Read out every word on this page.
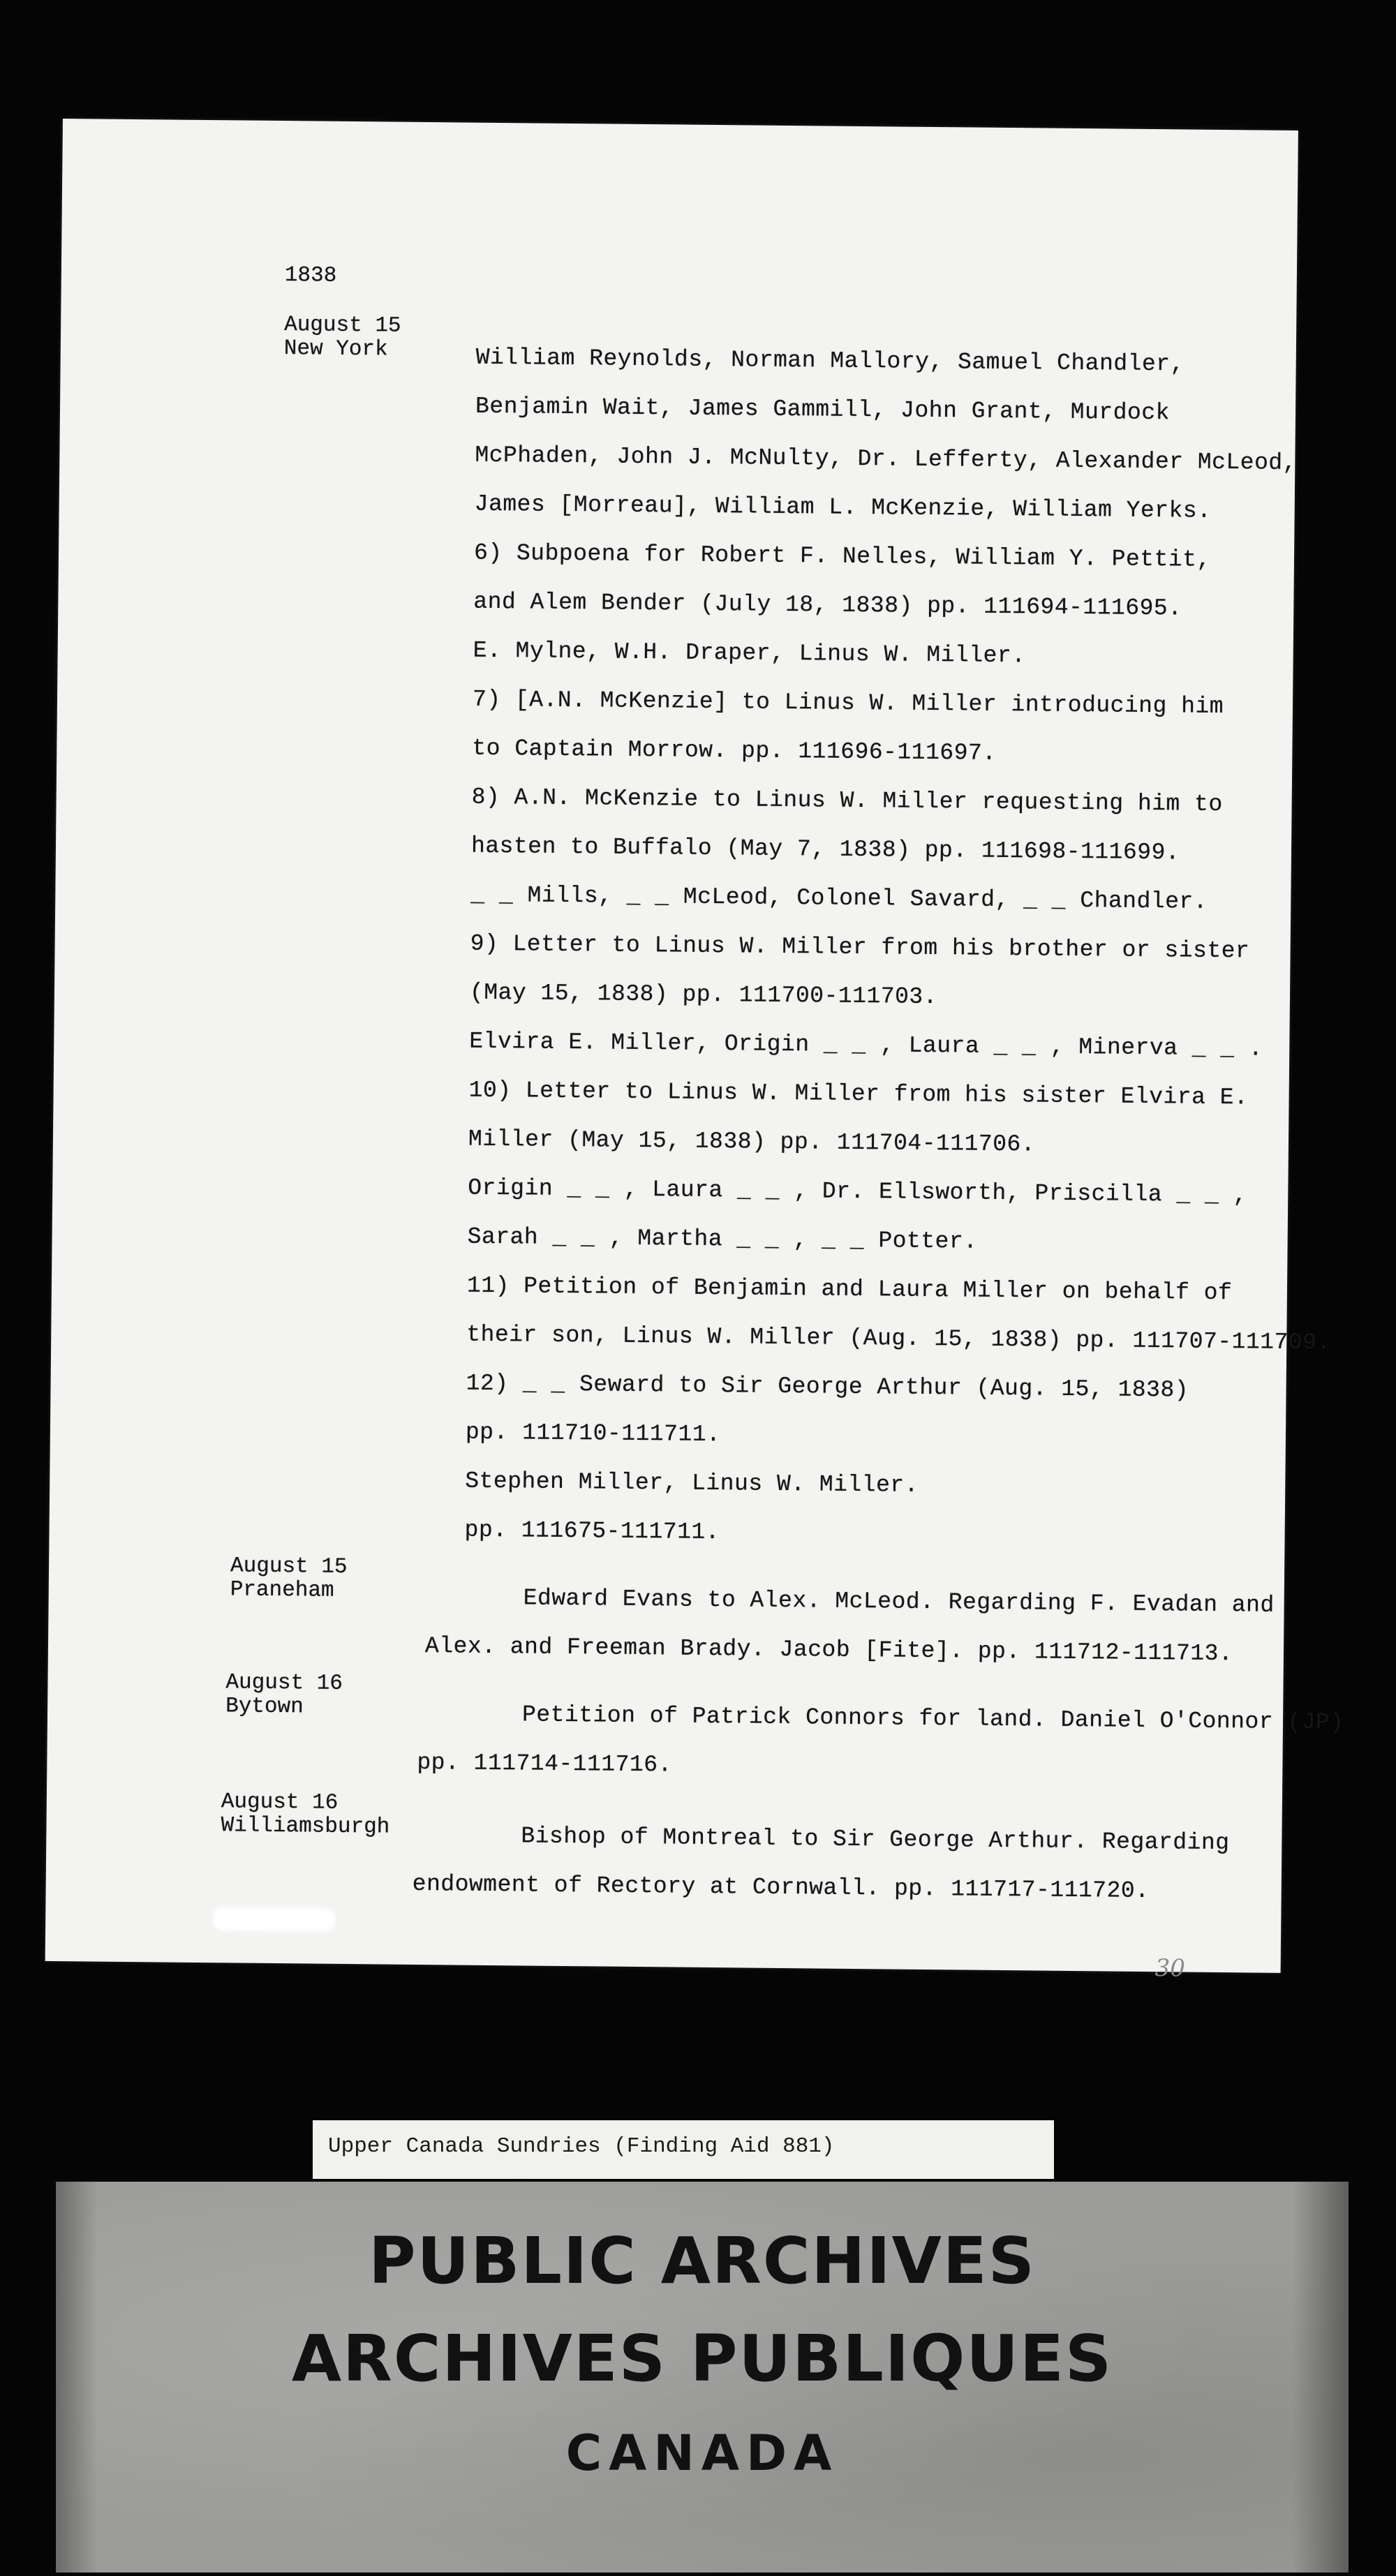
1838
August 15
New York	William Reynolds, Norman Mallory, Samuel Chandler,
Benjamin Wait, James Gammill, John Grant, Murdock
McPhaden, John J. McNulty, Dr. Lefferty, Alexander McLeod,
James [Morreau], William L. McKenzie, William Yerks.
6) Subpoena for Robert F. Nelles, William Y. Pettit,
and Alem Bender (July 18, 1838) pp. 111694-111695.
E. Mylne, W.H. Draper, Linus W. Miller.
7) [A.N. McKenzie] to Linus W. Miller introducing him
to Captain Morrow. pp. 111696-111697.
8) A.N. McKenzie to Linus W. Miller requesting him to
hasten to Buffalo (May 7, 1838) pp. 111698-111699.
_ _ Mills, _ _ McLeod, Colonel Savard, _ _ Chandler.
9) Letter to Linus W. Miller from his brother or sister
(May 15, 1838) pp. 111700-111703.
Elvira E. Miller, Origin _ _ , Laura _ _ , Minerva _ _ .
10) Letter to Linus W. Miller from his sister Elvira E.
Miller (May 15, 1838) pp. 111704-111706.
Origin _ _ , Laura _ _ , Dr. Ellsworth, Priscilla _ _ ,
Sarah _ _ , Martha _ _ , _ _ Potter.
11) Petition of Benjamin and Laura Miller on behalf of
their son, Linus W. Miller (Aug. 15, 1838) pp. 111707-111709.
12) _ _ Seward to Sir George Arthur (Aug. 15, 1838)
pp. 111710-111711.
Stephen Miller, Linus W. Miller.
pp. 111675-111711.
August 15
Praneham	Edward Evans to Alex. McLeod. Regarding F. Evadan and
Alex. and Freeman Brady. Jacob [Fite]. pp. 111712-111713.
August 16
Bytown	Petition of Patrick Connors for land. Daniel O'Connor (JP)
pp. 111714-111716.
August 16
Williamsburgh	Bishop of Montreal to Sir George Arthur. Regarding
endowment of Rectory at Cornwall. pp. 111717-111720.
30
Upper Canada Sundries (Finding Aid 881)
PUBLIC ARCHIVES
ARCHIVES PUBLIQUES
CANADA
